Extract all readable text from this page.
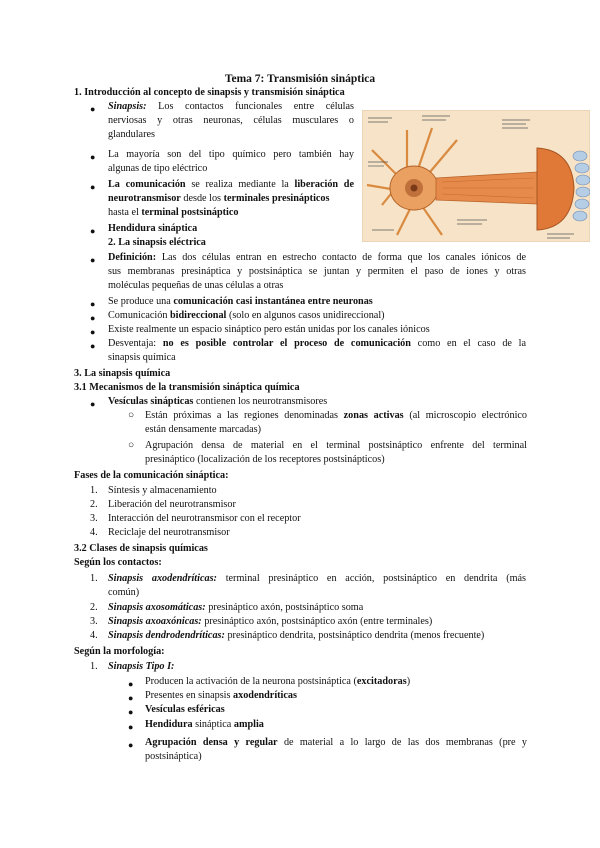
Tema 7: Transmisión sináptica
1. Introducción al concepto de sinapsis y transmisión sináptica
● Sinapsis: Los contactos funcionales entre células
nerviosas y otras neuronas, células musculares o
glandulares
● La mayoría son del tipo químico pero también hay
algunas de tipo eléctrico
● La comunicación se realiza mediante la liberación de
neurotransmisor desde los terminales presinápticos
hasta el terminal postsináptico
● Hendidura sináptica
2. La sinapsis eléctrica
● Definición: Las dos células entran en estrecho contacto de forma que los canales iónicos de
sus membranas presináptica y postsináptica se juntan y permiten el paso de iones y otras
moléculas pequeñas de unas células a otras
● Se produce una comunicación casi instantánea entre neuronas
● Comunicación bidireccional (solo en algunos casos unidireccional)
● Existe realmente un espacio sináptico pero están unidas por los canales iónicos
● Desventaja: no es posible controlar el proceso de comunicación como en el caso de la
sinapsis química
3. La sinapsis química
3.1 Mecanismos de la transmisión sináptica química
● Vesículas sinápticas contienen los neurotransmisores
○ Están próximas a las regiones denominadas zonas activas (al microscopio electrónico
están densamente marcadas)
○ Agrupación densa de material en el terminal postsináptico enfrente del terminal
presináptico (localización de los receptores postsinápticos)
Fases de la comunicación sináptica:
1. Síntesis y almacenamiento
2. Liberación del neurotransmisor
3. Interacción del neurotransmisor con el receptor
4. Reciclaje del neurotransmisor
3.2 Clases de sinapsis químicas
Según los contactos:
1. Sinapsis axodendríticas: terminal presináptico en acción, postsináptico en dendrita (más
común)
2. Sinapsis axosomáticas: presináptico axón, postsináptico soma
3. Sinapsis axoaxónicas: presináptico axón, postsináptico axón (entre terminales)
4. Sinapsis dendrodendríticas: presináptico dendrita, postsináptico dendrita (menos frecuente)
Según la morfología:
1. Sinapsis Tipo I:
● Producen la activación de la neurona postsináptica (excitadoras)
● Presentes en sinapsis axodendríticas
● Vesículas esféricas
● Hendidura sináptica amplia
● Agrupación densa y regular de material a lo largo de las dos membranas (pre y
postsináptica)
